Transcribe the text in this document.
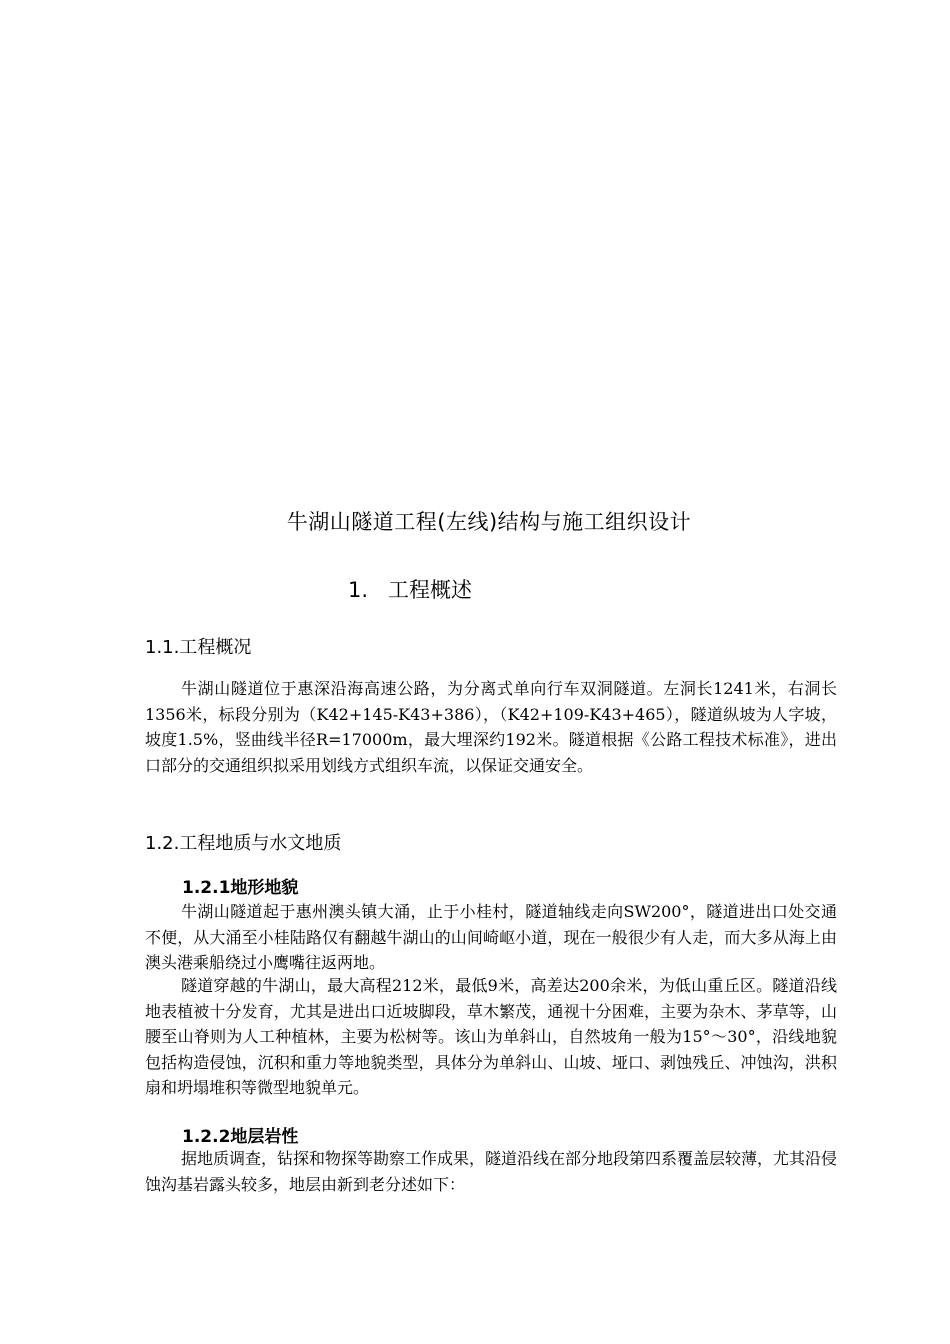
牛湖山隧道工程(左线)结构与施工组织设计
1. 工程概述
1.1.工程概况

牛湖山隧道位于惠深沿海高速公路，为分离式单向行车双洞隧道。左洞长1241米，右洞长1356米，标段分别为（K42+145-K43+386），（K42+109-K43+465），隧道纵坡为人字坡，坡度1.5%，竖曲线半径R=17000m，最大埋深约192米。隧道根据《公路工程技术标准》，进出口部分的交通组织拟采用划线方式组织车流，以保证交通安全。

1.2.工程地质与水文地质
1.2.1地形地貌

牛湖山隧道起于惠州澳头镇大涌，止于小桂村，隧道轴线走向SW200°，隧道进出口处交通不便，从大涌至小桂陆路仅有翻越牛湖山的山间崎岖小道，现在一般很少有人走，而大多从海上由澳头港乘船绕过小鹰嘴往返两地。

隧道穿越的牛湖山，最大高程212米，最低9米，高差达200余米，为低山重丘区。隧道沿线地表植被十分发育，尤其是进出口近坡脚段，草木繁茂，通视十分困难，主要为杂木、茅草等，山腰至山脊则为人工种植林，主要为松树等。该山为单斜山，自然坡角一般为15°～30°，沿线地貌包括构造侵蚀，沉积和重力等地貌类型，具体分为单斜山、山坡、垭口、剥蚀残丘、冲蚀沟，洪积扇和坍塌堆积等微型地貌单元。

1.2.2地层岩性

据地质调查，钻探和物探等勘察工作成果，隧道沿线在部分地段第四系覆盖层较薄，尤其沿侵蚀沟基岩露头较多，地层由新到老分述如下：
